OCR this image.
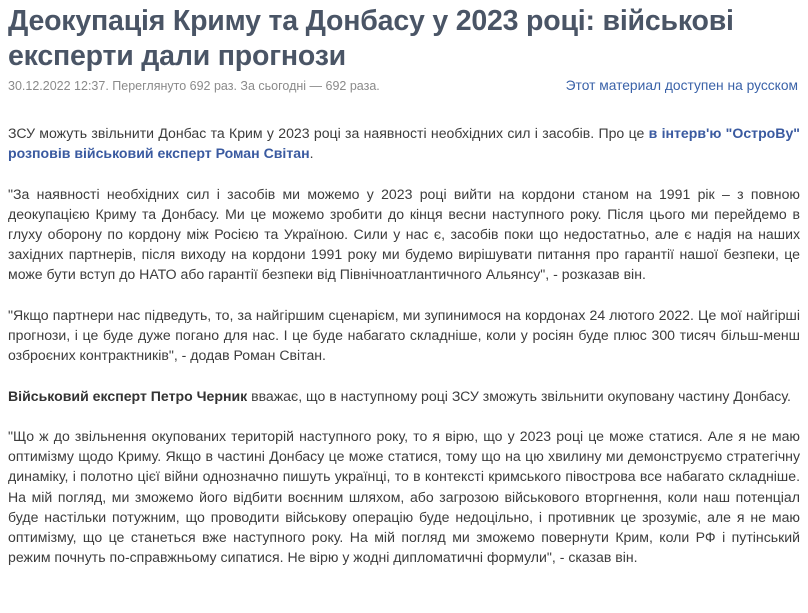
Деокупація Криму та Донбасу у 2023 році: військові експерти дали прогнози
30.12.2022 12:37. Переглянуто 692 раз. За сьогодні — 692 раза.	Этот материал доступен на русском

ЗСУ можуть звільнити Донбас та Крим у 2023 році за наявності необхідних сил і засобів. Про це в інтерв'ю "ОстроВу" розповів військовий експерт Роман Світан.

"За наявності необхідних сил і засобів ми можемо у 2023 році вийти на кордони станом на 1991 рік – з повною деокупацією Криму та Донбасу. Ми це можемо зробити до кінця весни наступного року. Після цього ми перейдемо в глуху оборону по кордону між Росією та Україною. Сили у нас є, засобів поки що недостатньо, але є надія на наших західних партнерів, після виходу на кордони 1991 року ми будемо вирішувати питання про гарантії нашої безпеки, це може бути вступ до НАТО або гарантії безпеки від Північноатлантичного Альянсу", - розказав він.

"Якщо партнери нас підведуть, то, за найгіршим сценарієм, ми зупинимося на кордонах 24 лютого 2022. Це мої найгірші прогнози, і це буде дуже погано для нас. І це буде набагато складніше, коли у росіян буде плюс 300 тисяч більш-менш озброєних контрактників", - додав Роман Світан.

Військовий експерт Петро Черник вважає, що в наступному році ЗСУ зможуть звільнити окуповану частину Донбасу.

"Що ж до звільнення окупованих територій наступного року, то я вірю, що у 2023 році це може статися. Але я не маю оптимізму щодо Криму. Якщо в частині Донбасу це може статися, тому що на цю хвилину ми демонструємо стратегічну динаміку, і полотно цієї війни однозначно пишуть українці, то в контексті кримського півострова все набагато складніше. На мій погляд, ми зможемо його відбити воєнним шляхом, або загрозою військового вторгнення, коли наш потенціал буде настільки потужним, що проводити військову операцію буде недоцільно, і противник це зрозуміє, але я не маю оптимізму, що це станеться вже наступного року. На мій погляд ми зможемо повернути Крим, коли РФ і путінський режим почнуть по-справжньому сипатися. Не вірю у жодні дипломатичні формули", - сказав він.
